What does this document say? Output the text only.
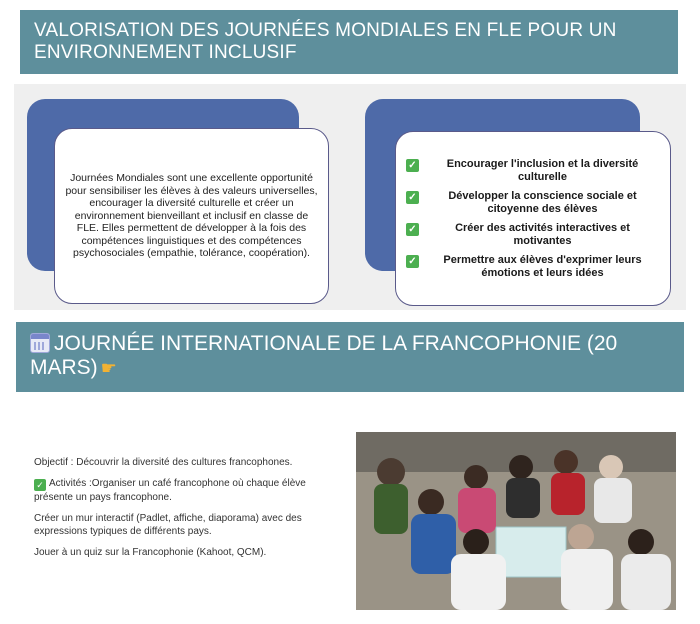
VALORISATION DES JOURNÉES MONDIALES EN FLE POUR UN
ENVIRONNEMENT INCLUSIF
Journées Mondiales sont une excellente opportunité pour sensibiliser les élèves à des valeurs universelles, encourager la diversité culturelle et créer un environnement bienveillant et inclusif en classe de FLE. Elles permettent de développer à la fois des compétences linguistiques et des compétences psychosociales (empathie, tolérance, coopération).
✓	Encourager l'inclusion et la diversité culturelle
✓	Développer la conscience sociale et citoyenne des élèves
✓	Créer des activités interactives et motivantes
✓	Permettre aux élèves d'exprimer leurs émotions et leurs idées
JOURNÉE INTERNATIONALE DE LA FRANCOPHONIE (20 MARS) ☛

Objectif : Découvrir la diversité des cultures francophones.

✓ Activités :Organiser un café francophone où chaque élève présente un pays francophone.

Créer un mur interactif (Padlet, affiche, diaporama) avec des expressions typiques de différents pays.

Jouer à un quiz sur la Francophonie (Kahoot, QCM).
